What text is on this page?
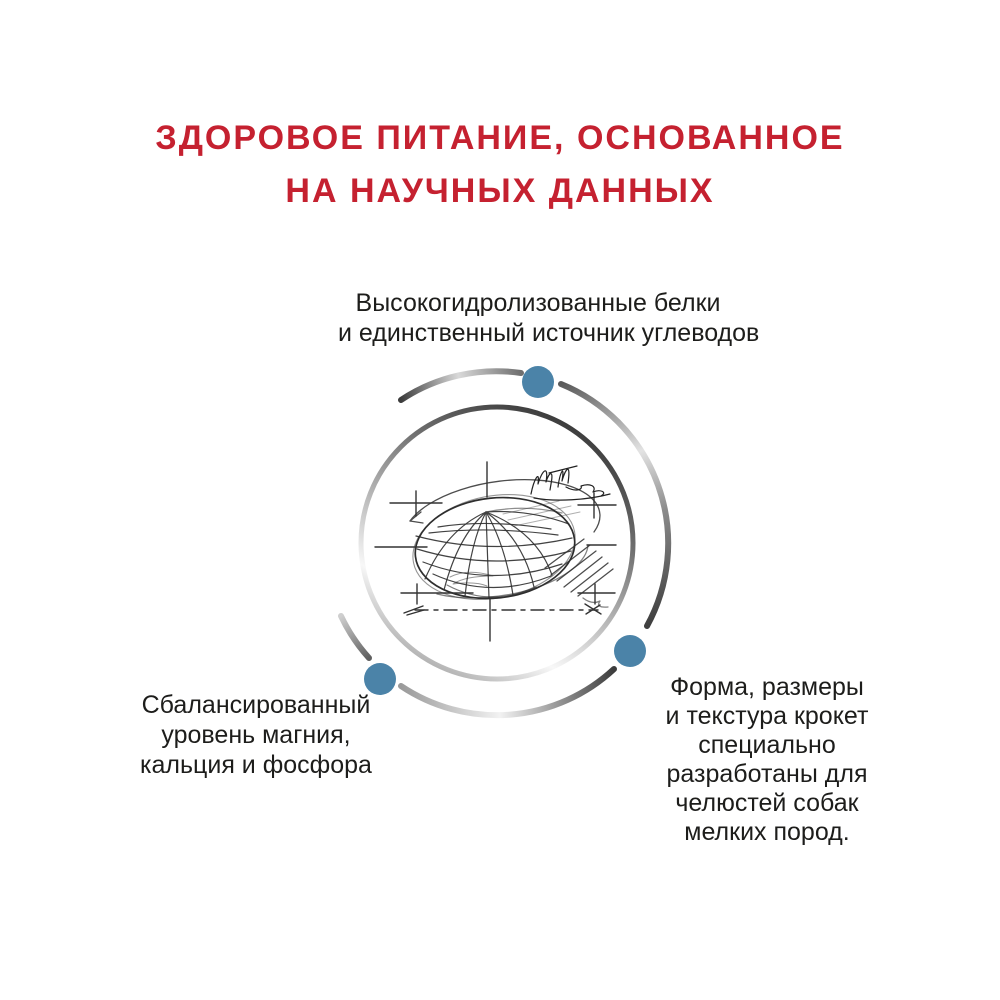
ЗДОРОВОЕ ПИТАНИЕ, ОСНОВАННОЕ
НА НАУЧНЫХ ДАННЫХ
Высокогидролизованные белки
и единственный источник углеводов
Сбалансированный
уровень магния,
кальция и фосфора
Форма, размеры
и текстура крокет
специально
разработаны для
челюстей собак
мелких пород.
